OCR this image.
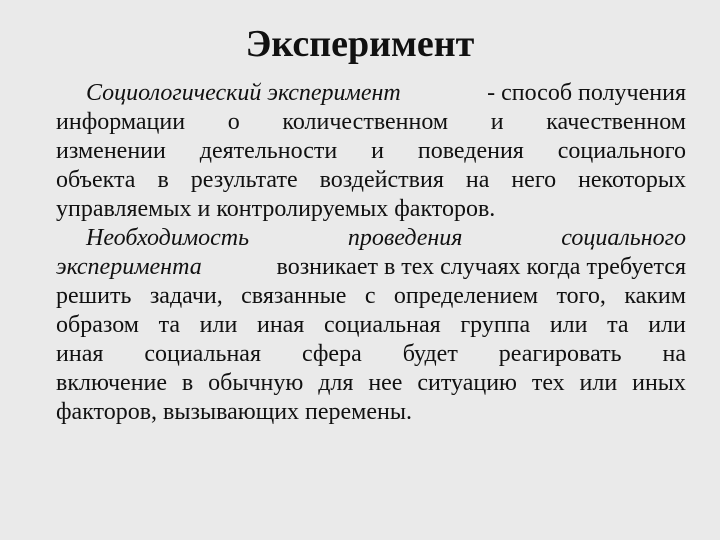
Эксперимент
Социологический эксперимент	- способ получения
информации о количественном и качественном
изменении деятельности и поведения социального
объекта в результате воздействия на него некоторых
управляемых и контролируемых факторов.
Необходимость	проведения	социального
эксперимента	возникает в тех случаях когда требуется
решить задачи, связанные с определением того, каким
образом та или иная социальная группа или та или
иная социальная сфера будет реагировать на
включение в обычную для нее ситуацию тех или иных
факторов, вызывающих перемены.
